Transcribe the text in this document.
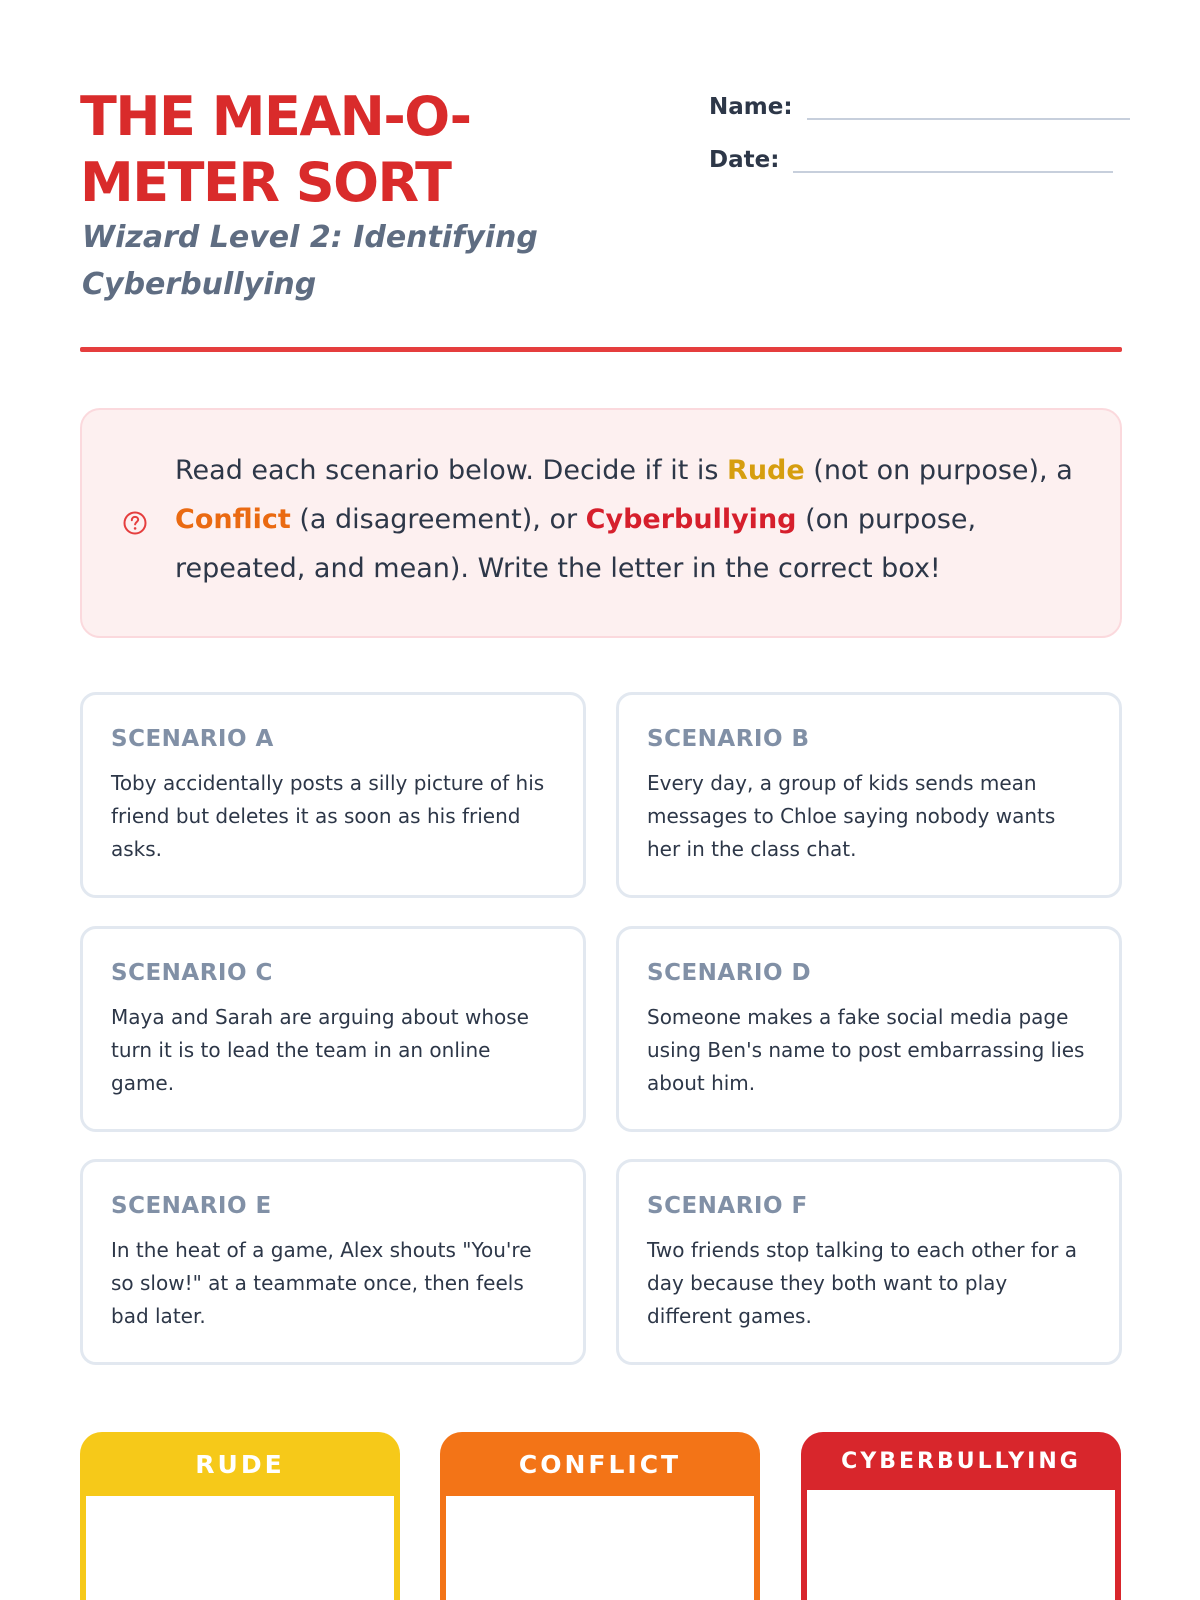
THE MEAN-O-METER SORT
Wizard Level 2: Identifying Cyberbullying
Name:
Date:

Read each scenario below. Decide if it is Rude (not on purpose), a Conflict (a disagreement), or Cyberbullying (on purpose, repeated, and mean). Write the letter in the correct box!

SCENARIO A
Toby accidentally posts a silly picture of his friend but deletes it as soon as his friend asks.
SCENARIO B
Every day, a group of kids sends mean messages to Chloe saying nobody wants her in the class chat.
SCENARIO C
Maya and Sarah are arguing about whose turn it is to lead the team in an online game.
SCENARIO D
Someone makes a fake social media page using Ben's name to post embarrassing lies about him.
SCENARIO E
In the heat of a game, Alex shouts "You're so slow!" at a teammate once, then feels bad later.
SCENARIO F
Two friends stop talking to each other for a day because they both want to play different games.
RUDE	CONFLICT	CYBERBULLYING
